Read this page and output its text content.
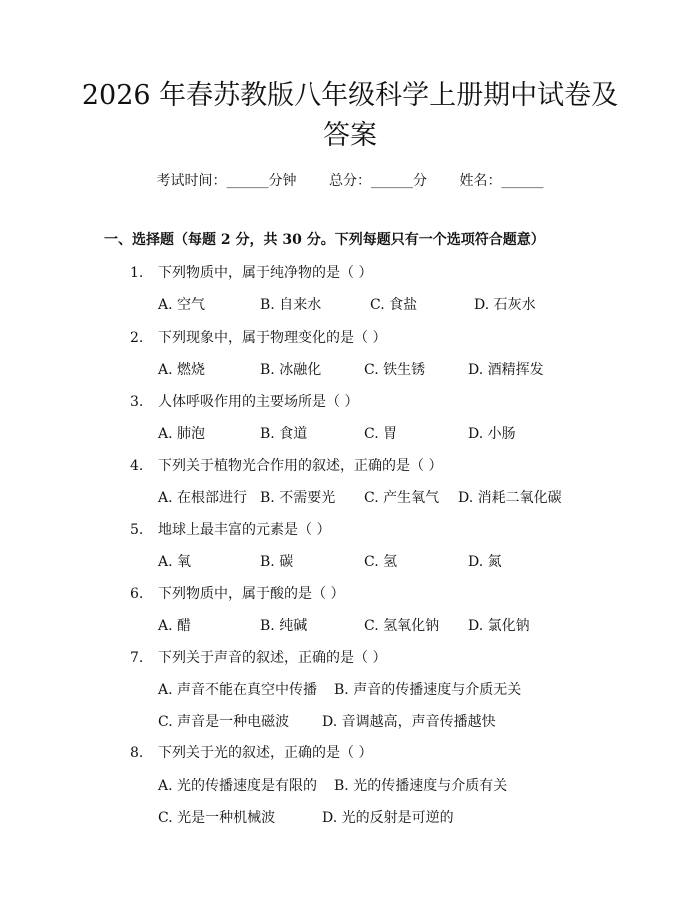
2026 年春苏教版八年级科学上册期中试卷及
答案
考试时间：______分钟 总分：______分 姓名：______
一、选择题（每题 2 分，共 30 分。下列每题只有一个选项符合题意）
1. 下列物质中，属于纯净物的是（ ）
A. 空气	B. 自来水	C. 食盐	D. 石灰水
2. 下列现象中，属于物理变化的是（ ）
A. 燃烧	B. 冰融化	C. 铁生锈	D. 酒精挥发
3. 人体呼吸作用的主要场所是（ ）
A. 肺泡	B. 食道	C. 胃	D. 小肠
4. 下列关于植物光合作用的叙述，正确的是（ ）
A. 在根部进行 B. 不需要光 C. 产生氧气 D. 消耗二氧化碳
5. 地球上最丰富的元素是（ ）
A. 氧	B. 碳	C. 氢	D. 氮
6. 下列物质中，属于酸的是（ ）
A. 醋	B. 纯碱	C. 氢氧化钠 D. 氯化钠
7. 下列关于声音的叙述，正确的是（ ）
A. 声音不能在真空中传播 B. 声音的传播速度与介质无关
C. 声音是一种电磁波 D. 音调越高，声音传播越快
8. 下列关于光的叙述，正确的是（ ）
A. 光的传播速度是有限的 B. 光的传播速度与介质有关
C. 光是一种机械波	D. 光的反射是可逆的
